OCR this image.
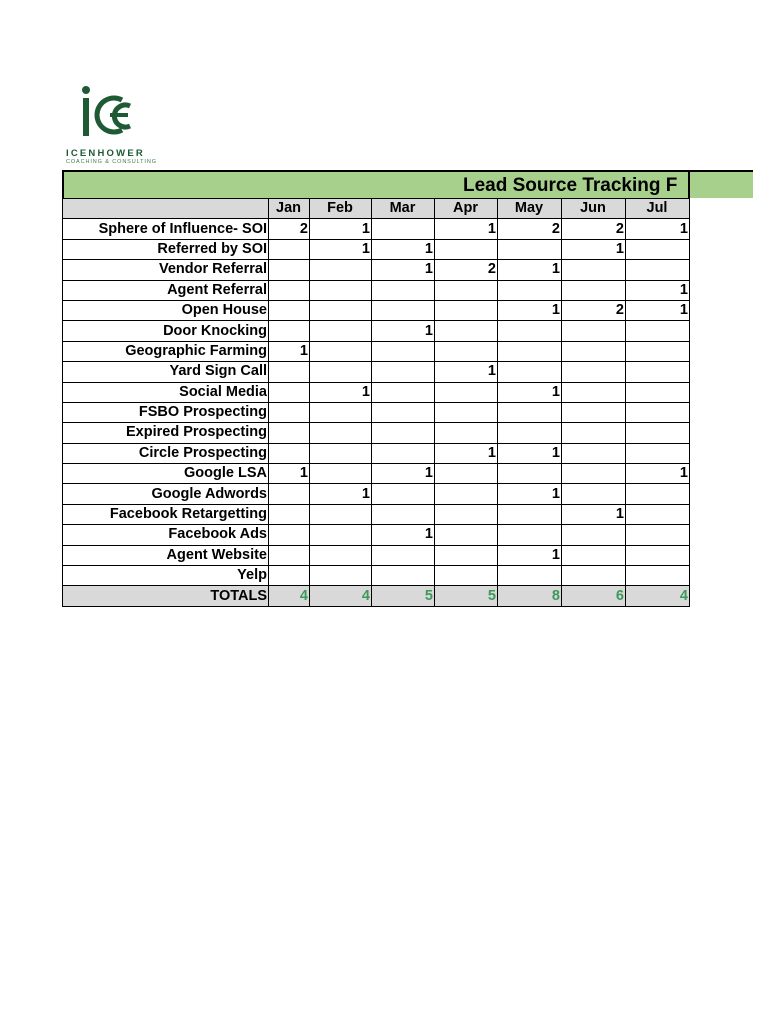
ICENHOWER
COACHING & CONSULTING
Lead Source Tracking F
	Jan	Feb	Mar	Apr	May	Jun	Jul
Sphere of Influence- SOI	2	1		1	2	2	1
Referred by SOI		1	1			1	
Vendor Referral			1	2	1		
Agent Referral							1
Open House					1	2	1
Door Knocking			1				
Geographic Farming	1						
Yard Sign Call				1			
Social Media		1			1		
FSBO Prospecting							
Expired Prospecting							
Circle Prospecting				1	1		
Google LSA	1		1				1
Google Adwords		1			1		
Facebook Retargetting						1	
Facebook Ads			1				
Agent Website					1		
Yelp							
TOTALS	4	4	5	5	8	6	4
